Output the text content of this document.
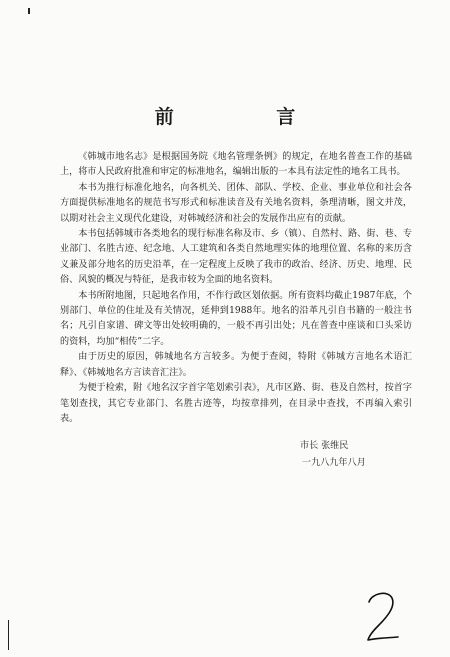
前 言

《韩城市地名志》是根据国务院《地名管理条例》的规定，在地名普查工作的基础上，将市人民政府批准和审定的标准地名，编辑出版的一本具有法定性的地名工具书。

本书为推行标准化地名，向各机关、团体、部队、学校、企业、事业单位和社会各方面提供标准地名的规范书写形式和标准读音及有关地名资料，条理清晰，图文并茂，以期对社会主义现代化建设，对韩城经济和社会的发展作出应有的贡献。

本书包括韩城市各类地名的现行标准名称及市、乡（镇）、自然村、路、街、巷、专业部门、名胜古迹、纪念地、人工建筑和各类自然地理实体的地理位置、名称的来历含义兼及部分地名的历史沿革，在一定程度上反映了我市的政治、经济、历史、地理、民俗、风貌的概况与特征，是我市较为全面的地名资料。

本书所附地图，只起地名作用，不作行政区划依据。所有资料均截止1987年底，个别部门、单位的住址及有关情况，延伸到1988年。地名的沿革凡引自书籍的一般注书名；凡引自家谱、碑文等出处较明确的，一般不再引出处；凡在普查中座谈和口头采访的资料，均加“相传”二字。

由于历史的原因，韩城地名方言较多。为便于查阅，特附《韩城方言地名术语汇释》、《韩城地名方言读音汇注》。

为便于检索，附《地名汉字首字笔划索引表》，凡市区路、街、巷及自然村，按首字笔划查找，其它专业部门、名胜古迹等，均按章排列，在目录中查找，不再编入索引表。

市长 张维民
一九八九年八月
